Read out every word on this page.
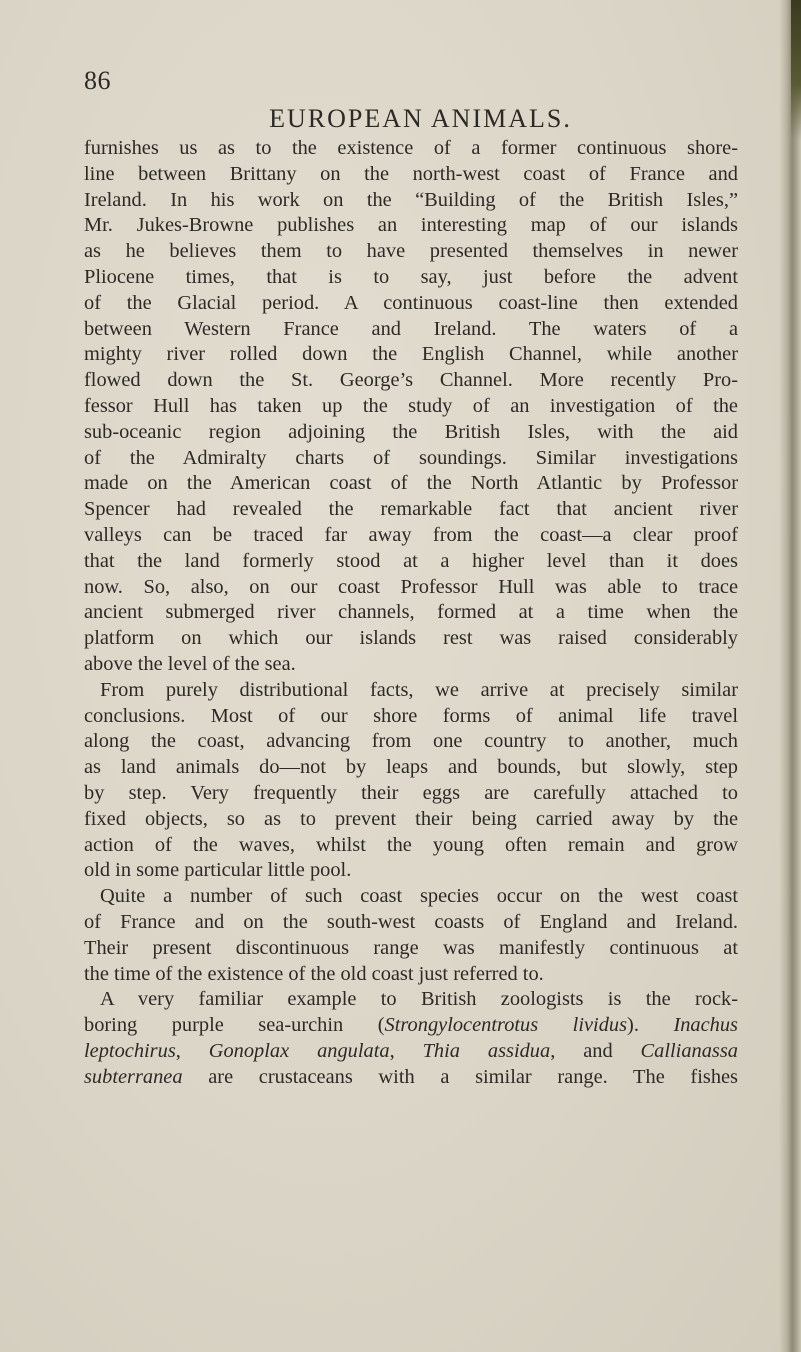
86
EUROPEAN ANIMALS.
furnishes us as to the existence of a former continuous shore-
line between Brittany on the north-west coast of France and
Ireland. In his work on the “Building of the British Isles,”
Mr. Jukes-Browne publishes an interesting map of our islands
as he believes them to have presented themselves in newer
Pliocene times, that is to say, just before the advent
of the Glacial period. A continuous coast-line then extended
between Western France and Ireland. The waters of a
mighty river rolled down the English Channel, while another
flowed down the St. George’s Channel. More recently Pro-
fessor Hull has taken up the study of an investigation of the
sub-oceanic region adjoining the British Isles, with the aid
of the Admiralty charts of soundings. Similar investigations
made on the American coast of the North Atlantic by Professor
Spencer had revealed the remarkable fact that ancient river
valleys can be traced far away from the coast—a clear proof
that the land formerly stood at a higher level than it does
now. So, also, on our coast Professor Hull was able to trace
ancient submerged river channels, formed at a time when the
platform on which our islands rest was raised considerably
above the level of the sea.
From purely distributional facts, we arrive at precisely similar
conclusions. Most of our shore forms of animal life travel
along the coast, advancing from one country to another, much
as land animals do—not by leaps and bounds, but slowly, step
by step. Very frequently their eggs are carefully attached to
fixed objects, so as to prevent their being carried away by the
action of the waves, whilst the young often remain and grow
old in some particular little pool.
Quite a number of such coast species occur on the west coast
of France and on the south-west coasts of England and Ireland.
Their present discontinuous range was manifestly continuous at
the time of the existence of the old coast just referred to.
A very familiar example to British zoologists is the rock-
boring purple sea-urchin (Strongylocentrotus lividus). Inachus
leptochirus, Gonoplax angulata, Thia assidua, and Callianassa
subterranea are crustaceans with a similar range. The fishes
